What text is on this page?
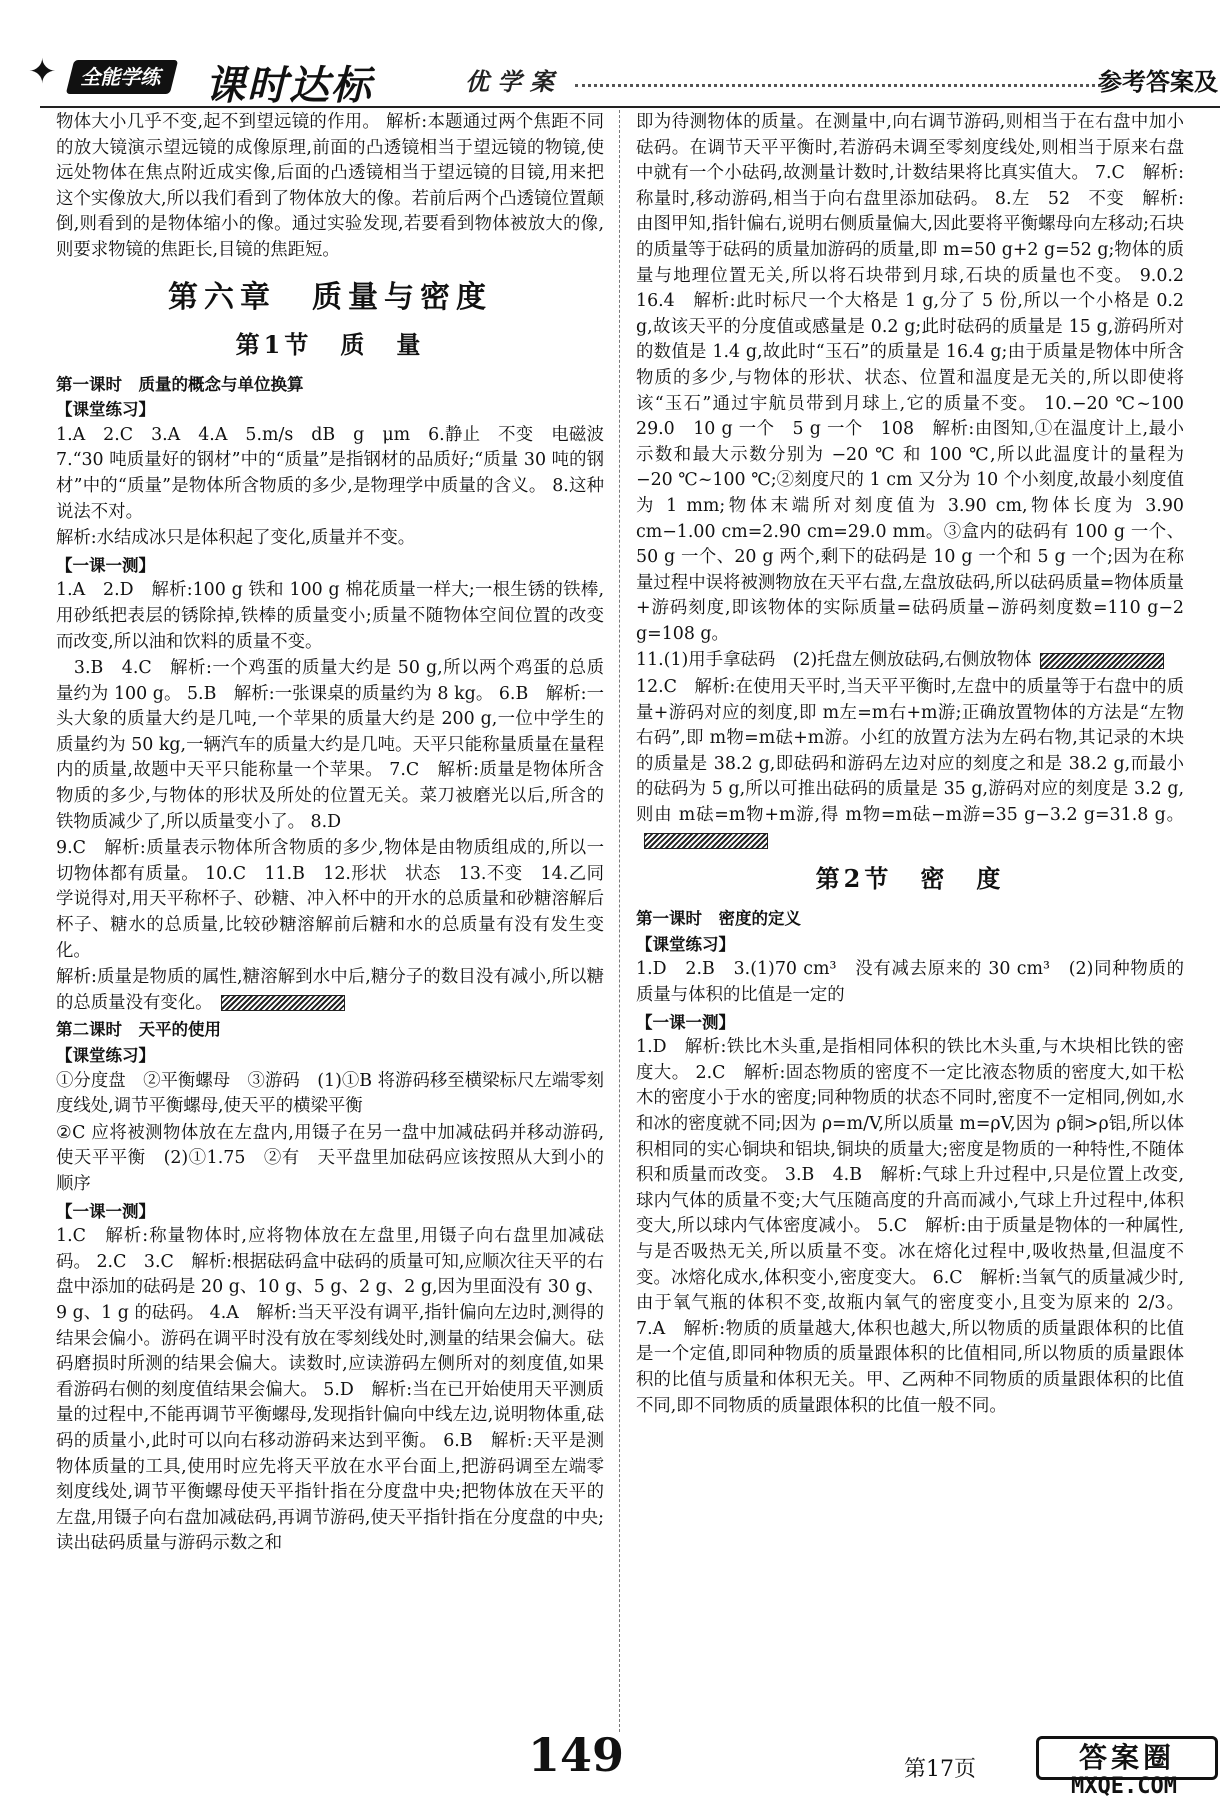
✦	全能学练	课时达标	优 学 案	参考答案及
物体大小几乎不变,起不到望远镜的作用。 解析:本题通过两个焦距不同的放大镜演示望远镜的成像原理,前面的凸透镜相当于望远镜的物镜,使远处物体在焦点附近成实像,后面的凸透镜相当于望远镜的目镜,用来把这个实像放大,所以我们看到了物体放大的像。若前后两个凸透镜位置颠倒,则看到的是物体缩小的像。通过实验发现,若要看到物体被放大的像,则要求物镜的焦距长,目镜的焦距短。
第六章　质量与密度
第1节　质　量
第一课时　质量的概念与单位换算
【课堂练习】
1.A　2.C　3.A　4.A　5.m/s　dB　g　μm　6.静止　不变　电磁波　7.“30 吨质量好的钢材”中的“质量”是指钢材的品质好;“质量 30 吨的钢材”中的“质量”是物体所含物质的多少,是物理学中质量的含义。 8.这种说法不对。
解析:水结成冰只是体积起了变化,质量并不变。
【一课一测】
1.A　2.D　解析:100 g 铁和 100 g 棉花质量一样大;一根生锈的铁棒,用砂纸把表层的锈除掉,铁棒的质量变小;质量不随物体空间位置的改变而改变,所以油和饮料的质量不变。
　3.B　4.C　解析:一个鸡蛋的质量大约是 50 g,所以两个鸡蛋的总质量约为 100 g。 5.B　解析:一张课桌的质量约为 8 kg。 6.B　解析:一头大象的质量大约是几吨,一个苹果的质量大约是 200 g,一位中学生的质量约为 50 kg,一辆汽车的质量大约是几吨。天平只能称量质量在量程内的质量,故题中天平只能称量一个苹果。 7.C　解析:质量是物体所含物质的多少,与物体的形状及所处的位置无关。菜刀被磨光以后,所含的铁物质减少了,所以质量变小了。 8.D
9.C　解析:质量表示物体所含物质的多少,物体是由物质组成的,所以一切物体都有质量。 10.C　11.B　12.形状　状态　13.不变　14.乙同学说得对,用天平称杯子、砂糖、冲入杯中的开水的总质量和砂糖溶解后杯子、糖水的总质量,比较砂糖溶解前后糖和水的总质量有没有发生变化。
解析:质量是物质的属性,糖溶解到水中后,糖分子的数目没有减小,所以糖的总质量没有变化。
第二课时　天平的使用
【课堂练习】
①分度盘　②平衡螺母　③游码　(1)①B 将游码移至横梁标尺左端零刻度线处,调节平衡螺母,使天平的横梁平衡
②C 应将被测物体放在左盘内,用镊子在另一盘中加减砝码并移动游码,使天平平衡　(2)①1.75　②有　天平盘里加砝码应该按照从大到小的顺序
【一课一测】
1.C　解析:称量物体时,应将物体放在左盘里,用镊子向右盘里加减砝码。 2.C　3.C　解析:根据砝码盒中砝码的质量可知,应顺次往天平的右盘中添加的砝码是 20 g、10 g、5 g、2 g、2 g,因为里面没有 30 g、9 g、1 g 的砝码。 4.A　解析:当天平没有调平,指针偏向左边时,测得的结果会偏小。游码在调平时没有放在零刻线处时,测量的结果会偏大。砝码磨损时所测的结果会偏大。读数时,应读游码左侧所对的刻度值,如果看游码右侧的刻度值结果会偏大。 5.D　解析:当在已开始使用天平测质量的过程中,不能再调节平衡螺母,发现指针偏向中线左边,说明物体重,砝码的质量小,此时可以向右移动游码来达到平衡。 6.B　解析:天平是测物体质量的工具,使用时应先将天平放在水平台面上,把游码调至左端零刻度线处,调节平衡螺母使天平指针指在分度盘中央;把物体放在天平的左盘,用镊子向右盘加减砝码,再调节游码,使天平指针指在分度盘的中央;读出砝码质量与游码示数之和
即为待测物体的质量。在测量中,向右调节游码,则相当于在右盘中加小砝码。在调节天平平衡时,若游码未调至零刻度线处,则相当于原来右盘中就有一个小砝码,故测量计数时,计数结果将比真实值大。 7.C　解析:称量时,移动游码,相当于向右盘里添加砝码。 8.左　52　不变　解析:由图甲知,指针偏右,说明右侧质量偏大,因此要将平衡螺母向左移动;石块的质量等于砝码的质量加游码的质量,即 m=50 g+2 g=52 g;物体的质量与地理位置无关,所以将石块带到月球,石块的质量也不变。 9.0.2　16.4　解析:此时标尺一个大格是 1 g,分了 5 份,所以一个小格是 0.2 g,故该天平的分度值或感量是 0.2 g;此时砝码的质量是 15 g,游码所对的数值是 1.4 g,故此时“玉石”的质量是 16.4 g;由于质量是物体中所含物质的多少,与物体的形状、状态、位置和温度是无关的,所以即使将该“玉石”通过宇航员带到月球上,它的质量不变。 10.−20 ℃~100　29.0　10 g 一个　5 g 一个　108　解析:由图知,①在温度计上,最小示数和最大示数分别为 −20 ℃ 和 100 ℃,所以此温度计的量程为 −20 ℃~100 ℃;②刻度尺的 1 cm 又分为 10 个小刻度,故最小刻度值为 1 mm;物体末端所对刻度值为 3.90 cm,物体长度为 3.90 cm−1.00 cm=2.90 cm=29.0 mm。③盒内的砝码有 100 g 一个、50 g 一个、20 g 两个,剩下的砝码是 10 g 一个和 5 g 一个;因为在称量过程中误将被测物放在天平右盘,左盘放砝码,所以砝码质量=物体质量+游码刻度,即该物体的实际质量=砝码质量−游码刻度数=110 g−2 g=108 g。
11.(1)用手拿砝码　(2)托盘左侧放砝码,右侧放物体
12.C　解析:在使用天平时,当天平平衡时,左盘中的质量等于右盘中的质量+游码对应的刻度,即 m左=m右+m游;正确放置物体的方法是“左物右码”,即 m物=m砝+m游。小红的放置方法为左码右物,其记录的木块的质量是 38.2 g,即砝码和游码左边对应的刻度之和是 38.2 g,而最小的砝码为 5 g,所以可推出砝码的质量是 35 g,游码对应的刻度是 3.2 g,则由 m砝=m物+m游,得 m物=m砝−m游=35 g−3.2 g=31.8 g。
第2节　密　度
第一课时　密度的定义
【课堂练习】
1.D　2.B　3.(1)70 cm³　没有减去原来的 30 cm³　(2)同种物质的质量与体积的比值是一定的
【一课一测】
1.D　解析:铁比木头重,是指相同体积的铁比木头重,与木块相比铁的密度大。 2.C　解析:固态物质的密度不一定比液态物质的密度大,如干松木的密度小于水的密度;同种物质的状态不同时,密度不一定相同,例如,水和冰的密度就不同;因为 ρ=m/V,所以质量 m=ρV,因为 ρ铜>ρ铝,所以体积相同的实心铜块和铝块,铜块的质量大;密度是物质的一种特性,不随体积和质量而改变。 3.B　4.B　解析:气球上升过程中,只是位置上改变,球内气体的质量不变;大气压随高度的升高而减小,气球上升过程中,体积变大,所以球内气体密度减小。 5.C　解析:由于质量是物体的一种属性,与是否吸热无关,所以质量不变。冰在熔化过程中,吸收热量,但温度不变。冰熔化成水,体积变小,密度变大。 6.C　解析:当氧气的质量减少时,由于氧气瓶的体积不变,故瓶内氧气的密度变小,且变为原来的 2/3。 7.A　解析:物质的质量越大,体积也越大,所以物质的质量跟体积的比值是一个定值,即同种物质的质量跟体积的比值相同,所以物质的质量跟体积的比值与质量和体积无关。甲、乙两种不同物质的质量跟体积的比值不同,即不同物质的质量跟体积的比值一般不同。
149	第17页	答案圈
MXQE.COM
